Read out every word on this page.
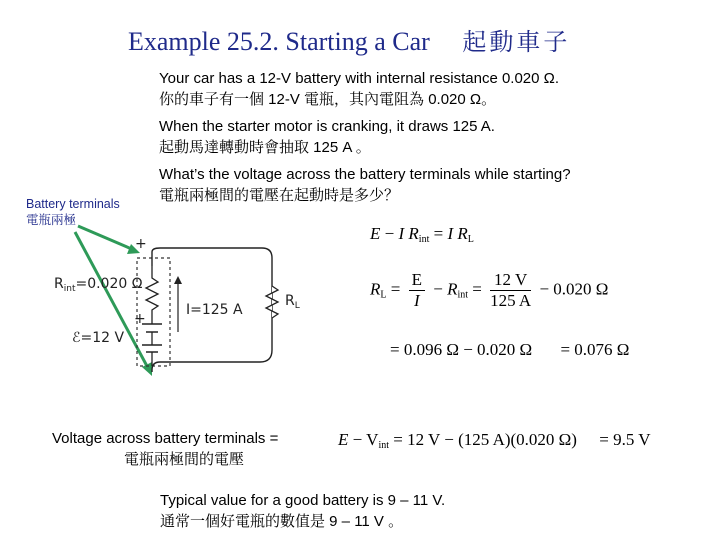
Example 25.2. Starting a Car 起動車子
Your car has a 12-V battery with internal resistance 0.020 Ω.
你的車子有一個 12-V 電瓶，其內電阻為 0.020 Ω。
When the starter motor is cranking, it draws 125 A.
起動馬達轉動時會抽取 125 A 。
What’s the voltage across the battery terminals while starting?
電瓶兩極間的電壓在起動時是多少？
Battery terminals
電瓶兩極
+
+
$R_{int}=0.020$ Ω
ℰ=12 V
I=125 A
$R_L$
E − I $R_{int} = I$ $R_L$
$R_L = \frac{E}{I} - R_{int} = \frac{12 V}{125 A} - 0.020$ Ω
= 0.096 Ω − 0.020 Ω = 0.076 Ω
Voltage across battery terminals =
電瓶兩極間的電壓
$E - V_{int} = 12$ V − (125 A)(0.020 Ω) = 9.5 V
Typical value for a good battery is 9 – 11 V.
通常一個好電瓶的數值是 9 – 11 V 。
